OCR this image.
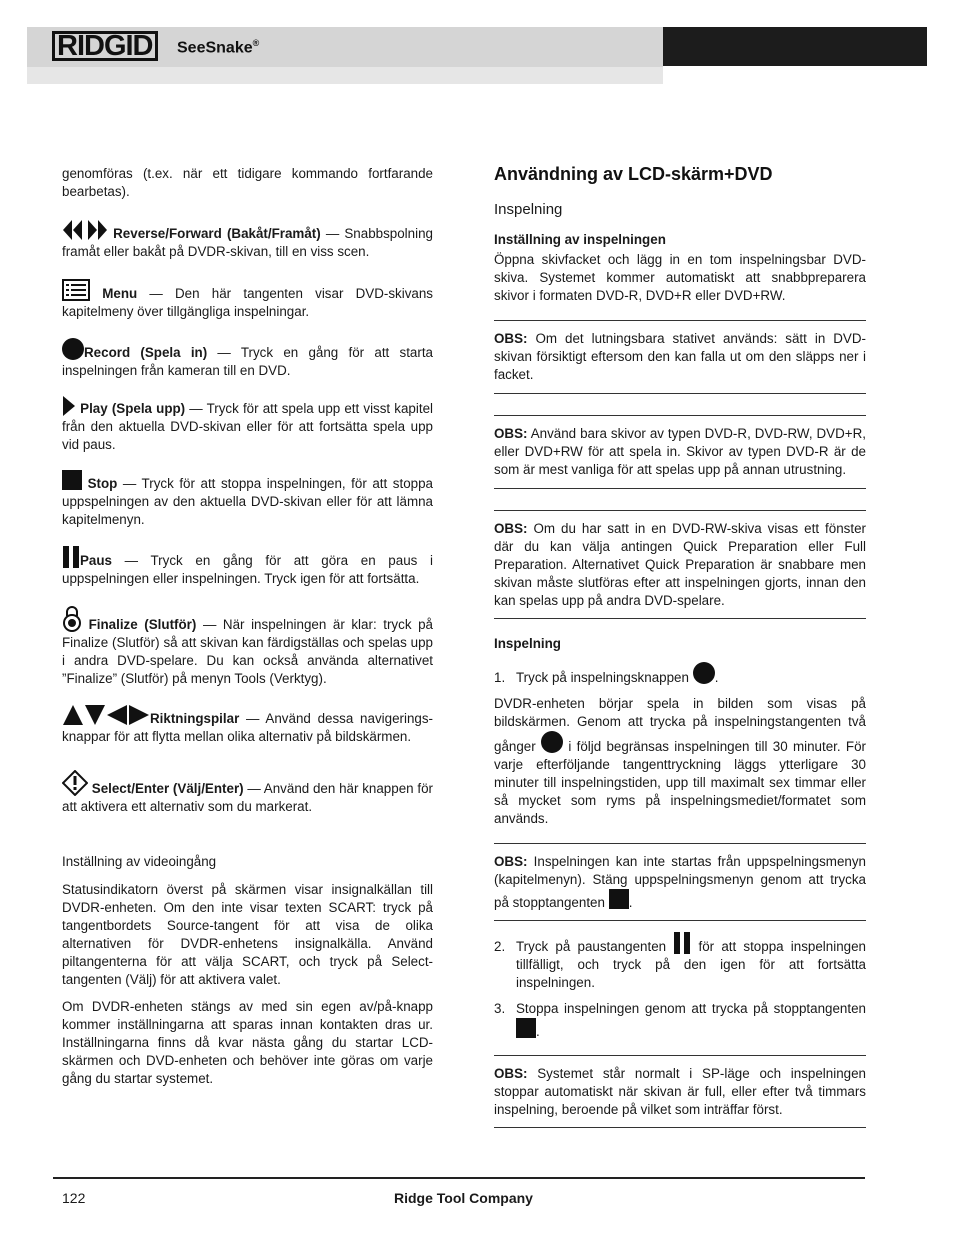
RIDGID	SeeSnake®

genomföras (t.ex. när ett tidigare kommando fortfarande bearbetas).

Reverse/Forward (Bakåt/Framåt) — Snabbspolning framåt eller bakåt på DVDR-skivan, till en viss scen.

Menu — Den här tangenten visar DVD-skivans kapitelmeny över tillgängliga inspelningar.

Record (Spela in) — Tryck en gång för att starta inspelningen från kameran till en DVD.

Play (Spela upp) — Tryck för att spela upp ett visst kapitel från den aktuella DVD-skivan eller för att fortsätta spela upp vid paus.

Stop — Tryck för att stoppa inspelningen, för att stoppa uppspelningen av den aktuella DVD-skivan eller för att lämna kapitelmenyn.

Paus — Tryck en gång för att göra en paus i uppspelningen eller inspelningen. Tryck igen för att fortsätta.

Finalize (Slutför) — När inspelningen är klar: tryck på Finalize (Slutför) så att skivan kan färdigställas och spelas upp i andra DVD-spelare. Du kan också använda alternativet ”Finalize” (Slutför) på menyn Tools (Verktyg).

Riktningspilar — Använd dessa navigerings-knappar för att flytta mellan olika alternativ på bildskärmen.

Select/Enter (Välj/Enter) — Använd den här knappen för att aktivera ett alternativ som du markerat.

Inställning av videoingång

Statusindikatorn överst på skärmen visar insignalkällan till DVDR-enheten. Om den inte visar texten SCART: tryck på tangentbordets Source-tangent för att visa de olika alternativen för DVDR-enhetens insignalkälla. Använd piltangenterna för att välja SCART, och tryck på Select-tangenten (Välj) för att aktivera valet.

Om DVDR-enheten stängs av med sin egen av/på-knapp kommer inställningarna att sparas innan kontakten dras ur. Inställningarna finns då kvar nästa gång du startar LCD-skärmen och DVD-enheten och behöver inte göras om varje gång du startar systemet.

Användning av LCD-skärm+DVD

Inspelning

Inställning av inspelningen

Öppna skivfacket och lägg in en tom inspelningsbar DVD-skiva. Systemet kommer automatiskt att snabbpreparera skivor i formaten DVD-R, DVD+R eller DVD+RW.

OBS: Om det lutningsbara stativet används: sätt in DVD-skivan försiktigt eftersom den kan falla ut om den släpps ner i facket.

OBS: Använd bara skivor av typen DVD-R, DVD-RW, DVD+R, eller DVD+RW för att spela in. Skivor av typen DVD-R är de som är mest vanliga för att spelas upp på annan utrustning.

OBS: Om du har satt in en DVD-RW-skiva visas ett fönster där du kan välja antingen Quick Preparation eller Full Preparation. Alternativet Quick Preparation är snabbare men skivan måste slutföras efter att inspelningen gjorts, innan den kan spelas upp på andra DVD-spelare.

Inspelning

1. Tryck på inspelningsknappen .

DVDR-enheten börjar spela in bilden som visas på bildskärmen. Genom att trycka på inspelningstangenten två gånger  i följd begränsas inspelningen till 30 minuter. För varje efterföljande tangenttryckning läggs ytterligare 30 minuter till inspelningstiden, upp till maximalt sex timmar eller så mycket som ryms på inspelningsmediet/formatet som används.

OBS: Inspelningen kan inte startas från uppspelningsmenyn (kapitelmenyn). Stäng uppspelningsmenyn genom att trycka på stopptangenten .

2. Tryck på paustangenten  för att stoppa inspelningen tillfälligt, och tryck på den igen för att fortsätta inspelningen.

3. Stoppa inspelningen genom att trycka på stopptangenten .

OBS: Systemet står normalt i SP-läge och inspelningen stoppar automatiskt när skivan är full, eller efter två timmars inspelning, beroende på vilket som inträffar först.

122	Ridge Tool Company
